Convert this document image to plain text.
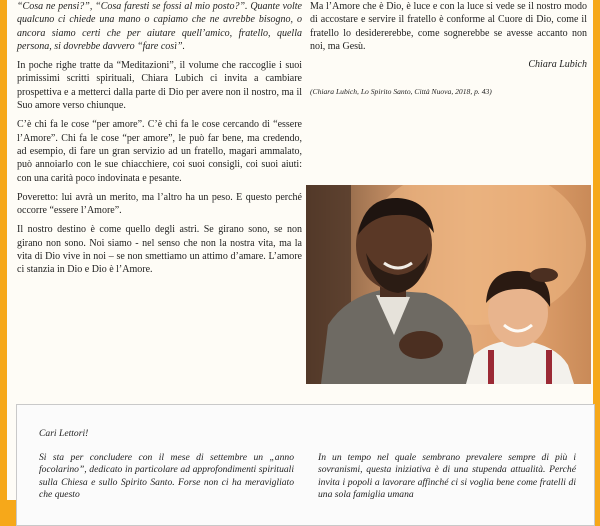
“Cosa ne pensi?”, “Cosa faresti se fossi al mio posto?”. Quante volte qualcuno ci chiede una mano o capiamo che ne avrebbe bisogno, o ancora siamo certi che per aiutare quell’amico, fratello, quella persona, si dovrebbe davvero “fare così”.

In poche righe tratte da “Meditazioni”, il volume che raccoglie i suoi primissimi scritti spirituali, Chiara Lubich ci invita a cambiare prospettiva e a metterci dalla parte di Dio per avere non il nostro, ma il Suo amore verso chiunque.

C’è chi fa le cose “per amore”. C’è chi fa le cose cercando di “essere l’Amore”. Chi fa le cose “per amore”, le può far bene, ma credendo, ad esempio, di fare un gran servizio ad un fratello, magari ammalato, può annoiarlo con le sue chiacchiere, coi suoi consigli, coi suoi aiuti: con una carità poco indovinata e pesante.

Poveretto: lui avrà un merito, ma l’altro ha un peso. E questo perché occorre “essere l’Amore”.

Il nostro destino è come quello degli astri. Se girano sono, se non girano non sono. Noi siamo - nel senso che non la nostra vita, ma la vita di Dio vive in noi – se non smettiamo un attimo d’amare. L’amore ci stanzia in Dio e Dio è l’Amore.

Ma l’Amore che è Dio, è luce e con la luce si vede se il nostro modo di accostare e servire il fratello è conforme al Cuore di Dio, come il fratello lo desidererebbe, come sognerebbe se avesse accanto non noi, ma Gesù.

Chiara Lubich

(Chiara Lubich, Lo Spirito Santo, Città Nuova, 2018, p. 43)

Cari Lettori!
Si sta per concludere con il mese di settembre un „anno focolarino”, dedicato in particolare ad approfondimenti spirituali sulla Chiesa e sullo Spirito Santo. Forse non ci ha meravigliato che questo
In un tempo nel quale sembrano prevalere sempre di più i sovranismi, questa iniziativa è di una stupenda attualità. Perché invita i popoli a lavorare affinché ci si voglia bene come fratelli di una sola famiglia umana
